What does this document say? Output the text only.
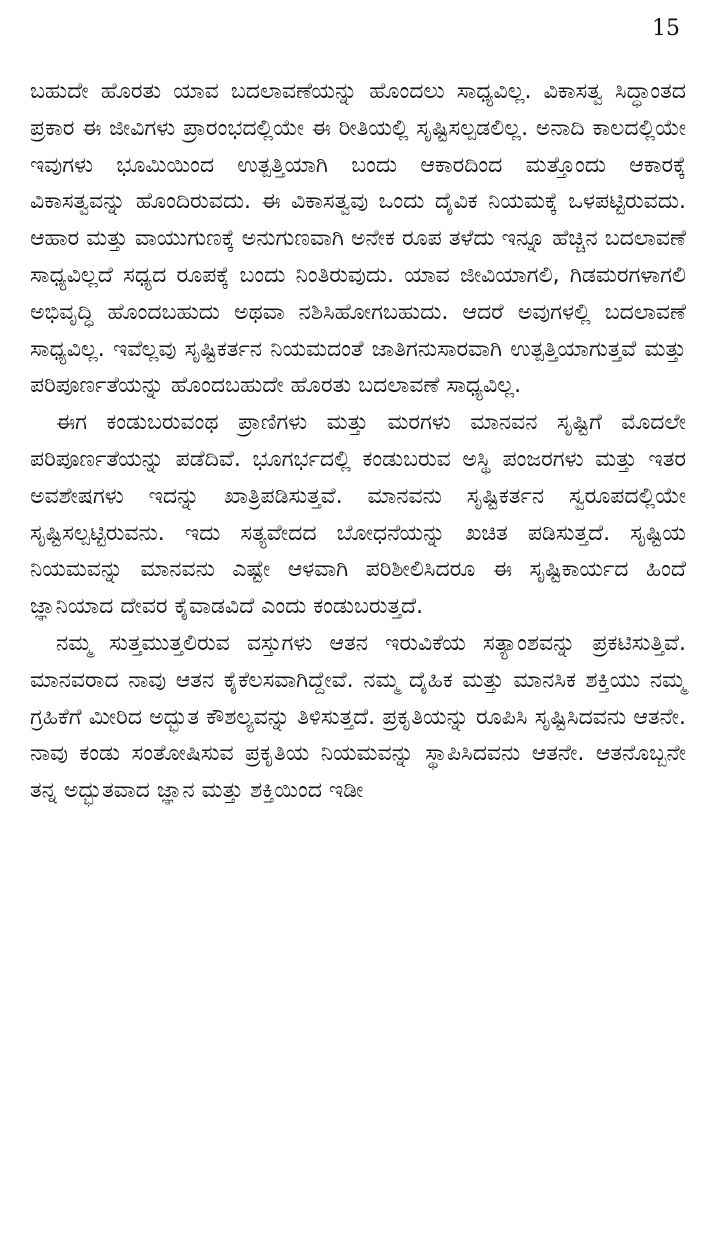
15

ಬಹುದೇ ಹೊರತು ಯಾವ ಬದಲಾವಣೆಯನ್ನು ಹೊಂದಲು ಸಾಧ್ಯವಿಲ್ಲ. ವಿಕಾಸತ್ವ ಸಿದ್ಧಾಂತದ ಪ್ರಕಾರ ಈ ಜೀವಿಗಳು ಪ್ರಾರಂಭದಲ್ಲಿಯೇ ಈ ರೀತಿಯಲ್ಲಿ ಸೃಷ್ಟಿಸಲ್ಪಡಲಿಲ್ಲ. ಅನಾದಿ ಕಾಲದಲ್ಲಿಯೇ ಇವುಗಳು ಭೂಮಿಯಿಂದ ಉತ್ಪತ್ತಿಯಾಗಿ ಬಂದು ಆಕಾರದಿಂದ ಮತ್ತೊಂದು ಆಕಾರಕ್ಕೆ ವಿಕಾಸತ್ವವನ್ನು ಹೊಂದಿರುವದು. ಈ ವಿಕಾಸತ್ವವು ಒಂದು ದೈವಿಕ ನಿಯಮಕ್ಕೆ ಒಳಪಟ್ಟಿರುವದು. ಆಹಾರ ಮತ್ತು ವಾಯುಗುಣಕ್ಕೆ ಅನುಗುಣವಾಗಿ ಅನೇಕ ರೂಪ ತಳೆದು ಇನ್ನೂ ಹೆಚ್ಚಿನ ಬದಲಾವಣೆ ಸಾಧ್ಯವಿಲ್ಲದೆ ಸಧ್ಯದ ರೂಪಕ್ಕೆ ಬಂದು ನಿಂತಿರುವುದು. ಯಾವ ಜೀವಿಯಾಗಲಿ, ಗಿಡಮರಗಳಾಗಲಿ ಅಭಿವೃದ್ಧಿ ಹೊಂದಬಹುದು ಅಥವಾ ನಶಿಸಿಹೋಗಬಹುದು. ಆದರೆ ಅವುಗಳಲ್ಲಿ ಬದಲಾವಣೆ ಸಾಧ್ಯವಿಲ್ಲ. ಇವೆಲ್ಲವು ಸೃಷ್ಟಿಕರ್ತನ ನಿಯಮದಂತೆ ಜಾತಿಗನುಸಾರವಾಗಿ ಉತ್ಪತ್ತಿಯಾಗುತ್ತವೆ ಮತ್ತು ಪರಿಪೂರ್ಣತೆಯನ್ನು ಹೊಂದಬಹುದೇ ಹೊರತು ಬದಲಾವಣೆ ಸಾಧ್ಯವಿಲ್ಲ.

ಈಗ ಕಂಡುಬರುವಂಥ ಪ್ರಾಣಿಗಳು ಮತ್ತು ಮರಗಳು ಮಾನವನ ಸೃಷ್ಟಿಗೆ ಮೊದಲೇ ಪರಿಪೂರ್ಣತೆಯನ್ನು ಪಡೆದಿವೆ. ಭೂಗರ್ಭದಲ್ಲಿ ಕಂಡುಬರುವ ಅಸ್ಥಿ ಪಂಜರಗಳು ಮತ್ತು ಇತರ ಅವಶೇಷಗಳು ಇದನ್ನು ಖಾತ್ರಿಪಡಿಸುತ್ತವೆ. ಮಾನವನು ಸೃಷ್ಟಿಕರ್ತನ ಸ್ವರೂಪದಲ್ಲಿಯೇ ಸೃಷ್ಟಿಸಲ್ಪಟ್ಟಿರುವನು. ಇದು ಸತ್ಯವೇದದ ಬೋಧನೆಯನ್ನು ಖಚಿತ ಪಡಿಸುತ್ತದೆ. ಸೃಷ್ಟಿಯ ನಿಯಮವನ್ನು ಮಾನವನು ಎಷ್ಟೇ ಆಳವಾಗಿ ಪರಿಶೀಲಿಸಿದರೂ ಈ ಸೃಷ್ಟಿಕಾರ್ಯದ ಹಿಂದೆ ಜ್ಞಾನಿಯಾದ ದೇವರ ಕೈವಾಡವಿದೆ ಎಂದು ಕಂಡುಬರುತ್ತದೆ.

ನಮ್ಮ ಸುತ್ತಮುತ್ತಲಿರುವ ವಸ್ತುಗಳು ಆತನ ಇರುವಿಕೆಯ ಸತ್ಯಾಂಶವನ್ನು ಪ್ರಕಟಿಸುತ್ತಿವೆ. ಮಾನವರಾದ ನಾವು ಆತನ ಕೈಕೆಲಸವಾಗಿದ್ದೇವೆ. ನಮ್ಮ ದೈಹಿಕ ಮತ್ತು ಮಾನಸಿಕ ಶಕ್ತಿಯು ನಮ್ಮ ಗ್ರಹಿಕೆಗೆ ಮೀರಿದ ಅದ್ಭುತ ಕೌಶಲ್ಯವನ್ನು ತಿಳಿಸುತ್ತದೆ. ಪ್ರಕೃತಿಯನ್ನು ರೂಪಿಸಿ ಸೃಷ್ಟಿಸಿದವನು ಆತನೇ. ನಾವು ಕಂಡು ಸಂತೋಷಿಸುವ ಪ್ರಕೃತಿಯ ನಿಯಮವನ್ನು ಸ್ಥಾಪಿಸಿದವನು ಆತನೇ. ಆತನೊಬ್ಬನೇ ತನ್ನ ಅದ್ಭುತವಾದ ಜ್ಞಾನ ಮತ್ತು ಶಕ್ತಿಯಿಂದ ಇಡೀ
